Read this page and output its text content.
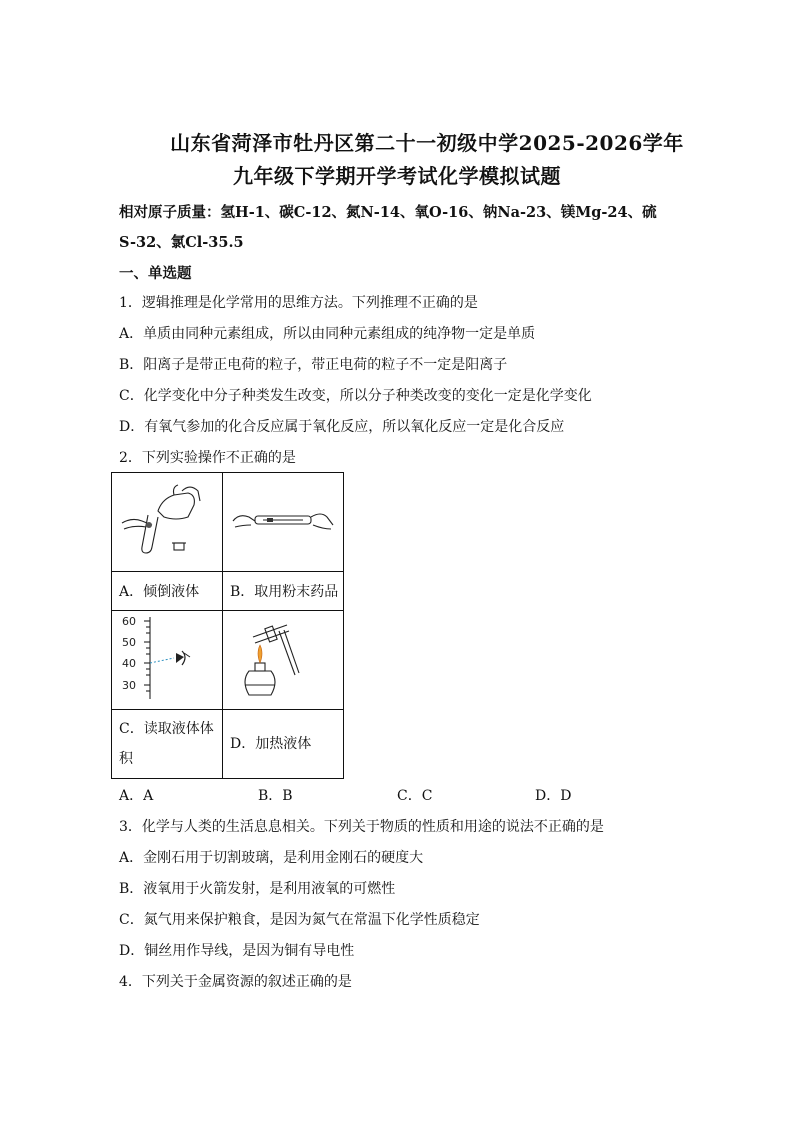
山东省菏泽市牡丹区第二十一初级中学2025-2026学年
九年级下学期开学考试化学模拟试题
相对原子质量：氢H-1、碳C-12、氮N-14、氧O-16、钠Na-23、镁Mg-24、硫
S-32、氯Cl-35.5
一、单选题
1．逻辑推理是化学常用的思维方法。下列推理不正确的是
A．单质由同种元素组成，所以由同种元素组成的纯净物一定是单质
B．阳离子是带正电荷的粒子，带正电荷的粒子不一定是阳离子
C．化学变化中分子种类发生改变，所以分子种类改变的变化一定是化学变化
D．有氧气参加的化合反应属于氧化反应，所以氧化反应一定是化合反应
2．下列实验操作不正确的是

A．倾倒液体	B．取用粉末药品

60
50
40
30

C．读取液体体积	D．加热液体
A．A	B．B	C．C	D．D
3．化学与人类的生活息息相关。下列关于物质的性质和用途的说法不正确的是
A．金刚石用于切割玻璃，是利用金刚石的硬度大
B．液氧用于火箭发射，是利用液氧的可燃性
C．氮气用来保护粮食，是因为氮气在常温下化学性质稳定
D．铜丝用作导线，是因为铜有导电性
4．下列关于金属资源的叙述正确的是
